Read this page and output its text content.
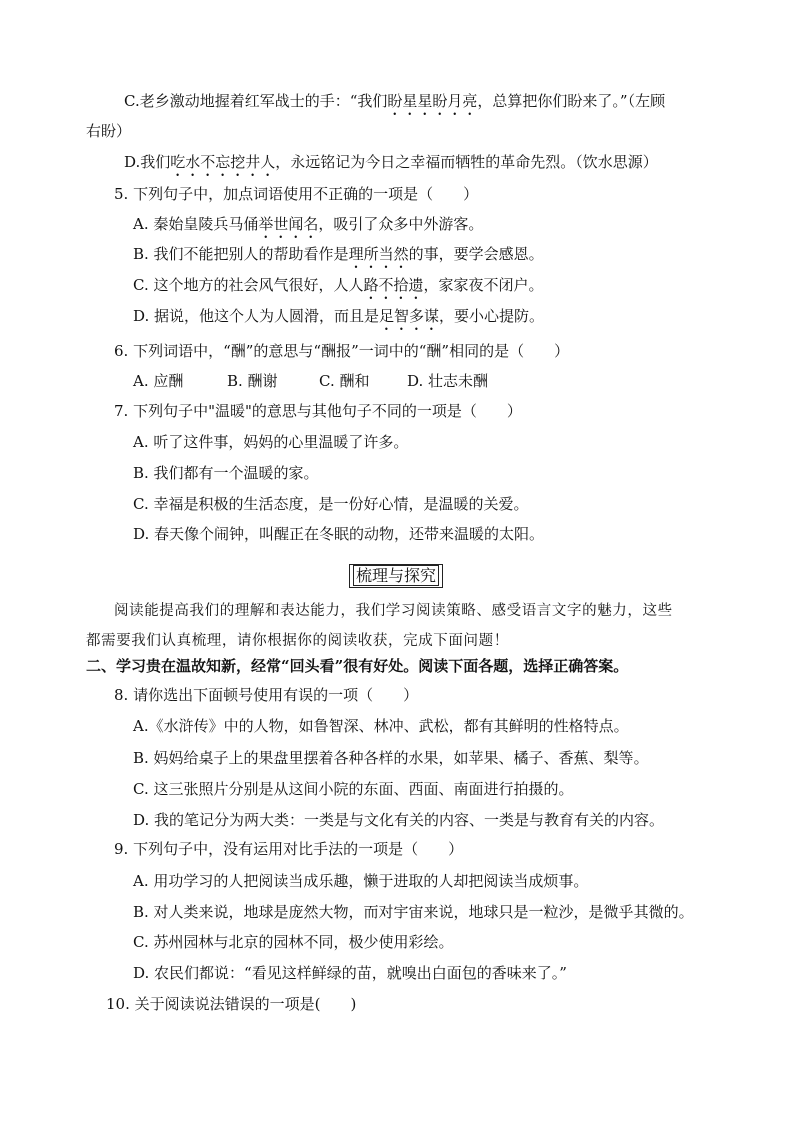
C.老乡激动地握着红军战士的手：“我们盼星星盼月亮，总算把你们盼来了。”（左顾
右盼）
D.我们吃水不忘挖井人，永远铭记为今日之幸福而牺牲的革命先烈。（饮水思源）
5. 下列句子中，加点词语使用不正确的一项是（　　）
A. 秦始皇陵兵马俑举世闻名，吸引了众多中外游客。
B. 我们不能把别人的帮助看作是理所当然的事，要学会感恩。
C. 这个地方的社会风气很好，人人路不拾遗，家家夜不闭户。
D. 据说，他这个人为人圆滑，而且是足智多谋，要小心提防。
6. 下列词语中，“酬”的意思与“酬报”一词中的“酬”相同的是（　　）
A. 应酬	B. 酬谢	C. 酬和	D. 壮志未酬
7. 下列句子中"温暖"的意思与其他句子不同的一项是（　　）
A. 听了这件事，妈妈的心里温暖了许多。
B. 我们都有一个温暖的家。
C. 幸福是积极的生活态度，是一份好心情，是温暖的关爱。
D. 春天像个闹钟，叫醒正在冬眠的动物，还带来温暖的太阳。
梳理与探究
阅读能提高我们的理解和表达能力，我们学习阅读策略、感受语言文字的魅力，这些
都需要我们认真梳理，请你根据你的阅读收获，完成下面问题！
二、学习贵在温故知新，经常“回头看”很有好处。阅读下面各题，选择正确答案。
8. 请你选出下面顿号使用有误的一项（　　）
A.《水浒传》中的人物，如鲁智深、林冲、武松，都有其鲜明的性格特点。
B. 妈妈给桌子上的果盘里摆着各种各样的水果，如苹果、橘子、香蕉、梨等。
C. 这三张照片分别是从这间小院的东面、西面、南面进行拍摄的。
D. 我的笔记分为两大类：一类是与文化有关的内容、一类是与教育有关的内容。
9. 下列句子中，没有运用对比手法的一项是（　　）
A. 用功学习的人把阅读当成乐趣，懒于进取的人却把阅读当成烦事。
B. 对人类来说，地球是庞然大物，而对宇宙来说，地球只是一粒沙，是微乎其微的。
C. 苏州园林与北京的园林不同，极少使用彩绘。
D. 农民们都说：“看见这样鲜绿的苗，就嗅出白面包的香味来了。”
10. 关于阅读说法错误的一项是(　　)
